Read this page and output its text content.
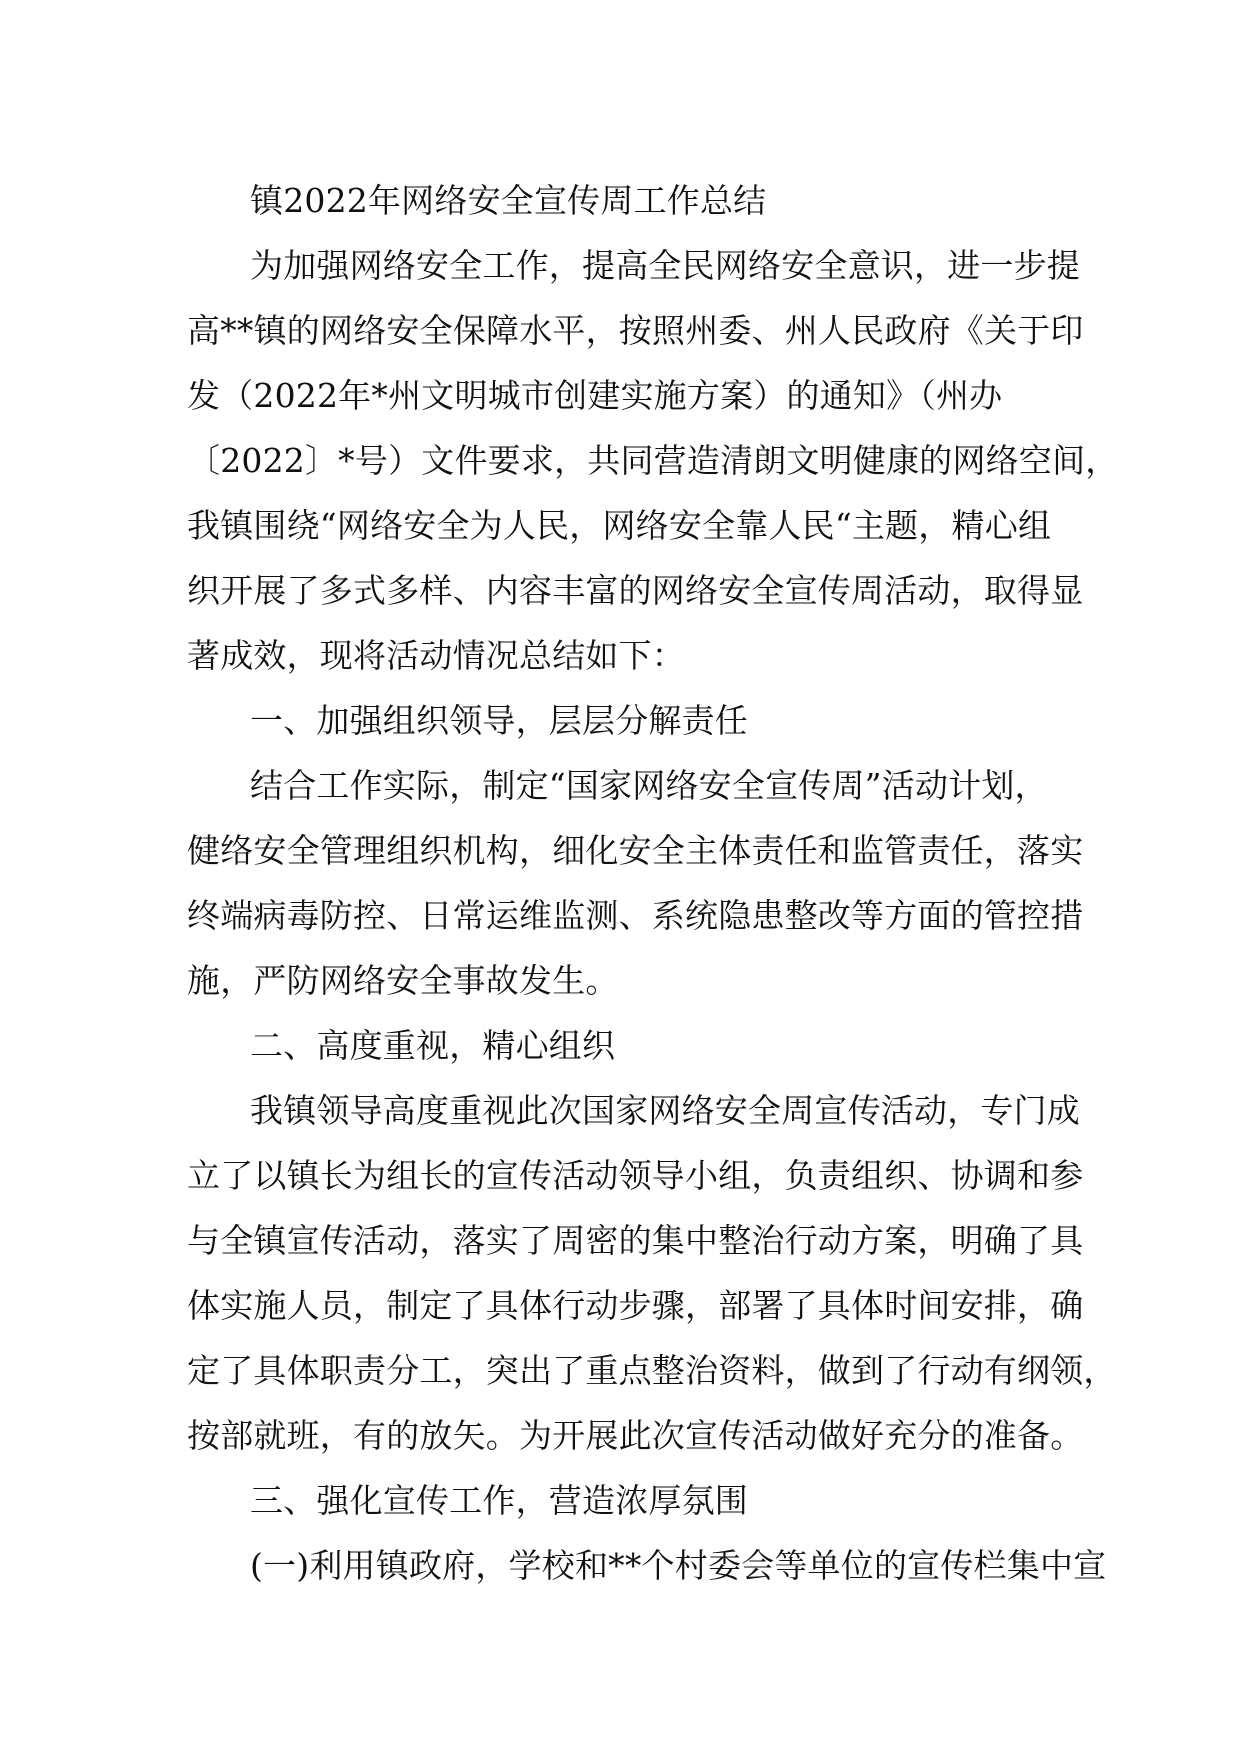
镇2022年网络安全宣传周工作总结
为加强网络安全工作，提高全民网络安全意识，进一步提
高**镇的网络安全保障水平，按照州委、州人民政府《关于印
发（2022年*州文明城市创建实施方案）的通知》（州办
〔2022〕*号）文件要求，共同营造清朗文明健康的网络空间，
我镇围绕“网络安全为人民，网络安全靠人民“主题，精心组
织开展了多式多样、内容丰富的网络安全宣传周活动，取得显
著成效，现将活动情况总结如下：
一、加强组织领导，层层分解责任
结合工作实际，制定“国家网络安全宣传周”活动计划，
健络安全管理组织机构，细化安全主体责任和监管责任，落实
终端病毒防控、日常运维监测、系统隐患整改等方面的管控措
施，严防网络安全事故发生。
二、高度重视，精心组织
我镇领导高度重视此次国家网络安全周宣传活动，专门成
立了以镇长为组长的宣传活动领导小组，负责组织、协调和参
与全镇宣传活动，落实了周密的集中整治行动方案，明确了具
体实施人员，制定了具体行动步骤，部署了具体时间安排，确
定了具体职责分工，突出了重点整治资料，做到了行动有纲领，
按部就班，有的放矢。为开展此次宣传活动做好充分的准备。
三、强化宣传工作，营造浓厚氛围
(一)利用镇政府，学校和**个村委会等单位的宣传栏集中宣
